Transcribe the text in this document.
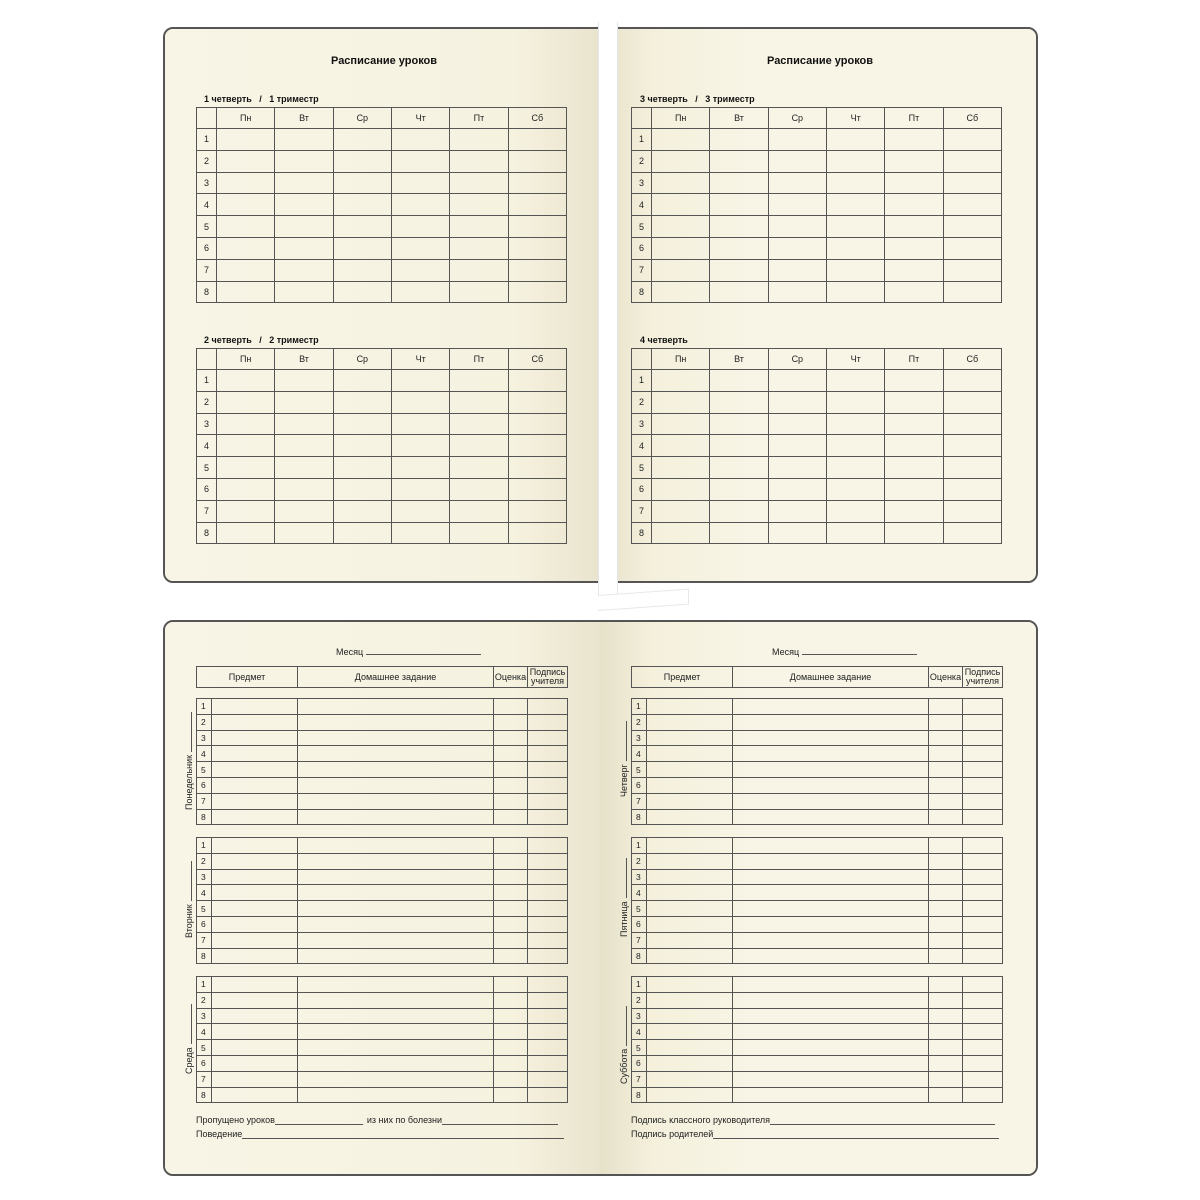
Расписание уроков
1 четверть   /   1 триместр
	Пн	Вт	Ср	Чт	Пт	Сб
1						
2						
3						
4						
5						
6						
7						
8						
2 четверть   /   2 триместр
	Пн	Вт	Ср	Чт	Пт	Сб
1						
2						
3						
4						
5						
6						
7						
8						
Расписание уроков
3 четверть   /   3 триместр
	Пн	Вт	Ср	Чт	Пт	Сб
1						
2						
3						
4						
5						
6						
7						
8						
4 четверть
	Пн	Вт	Ср	Чт	Пт	Сб
1						
2						
3						
4						
5						
6						
7						
8						
Месяц
Предмет	Домашнее задание	Оценка	Подпись
учителя
1				
2				
3				
4				
5				
6				
7				
8				
Понедельник
1				
2				
3				
4				
5				
6				
7				
8				
Вторник
1				
2				
3				
4				
5				
6				
7				
8				
Среда
Пропущено уроков	из них по болезни
Поведение
Месяц
Предмет	Домашнее задание	Оценка	Подпись
учителя
1				
2				
3				
4				
5				
6				
7				
8				
Четверг
1				
2				
3				
4				
5				
6				
7				
8				
Пятница
1				
2				
3				
4				
5				
6				
7				
8				
Суббота
Подпись классного руководителя
Подпись родителей
